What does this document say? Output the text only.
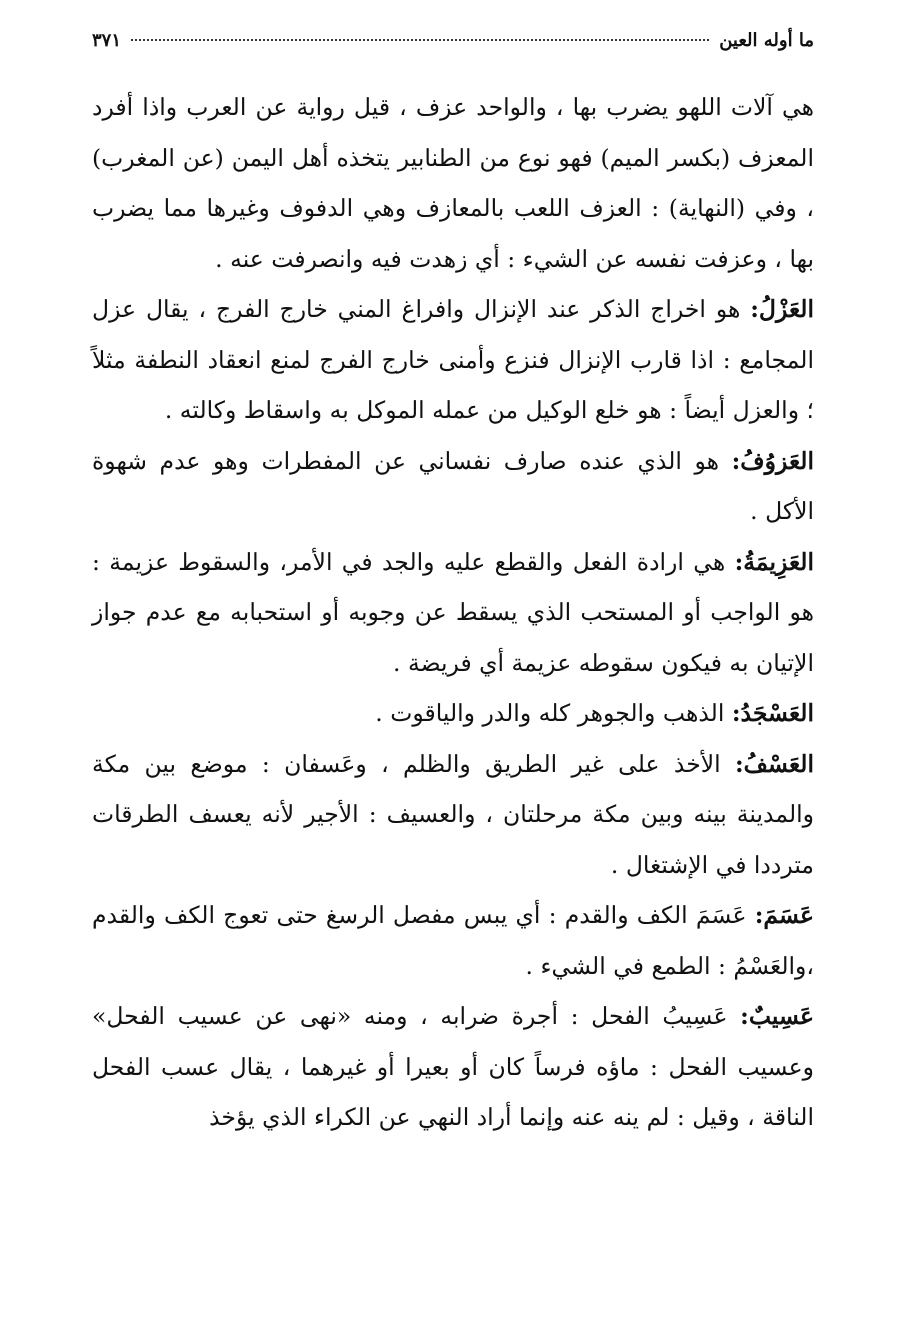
ما أوله العين
٣٧١

هي آلات اللهو يضرب بها ، والواحد عزف ، قيل رواية عن العرب واذا أفرد المعزف (بكسر الميم) فهو نوع من الطنابير يتخذه أهل اليمن (عن المغرب) ، وفي (النهاية) : العزف اللعب بالمعازف وهي الدفوف وغيرها مما يضرب بها ، وعزفت نفسه عن الشيء : أي زهدت فيه وانصرفت عنه .

العَزْلُ: هو اخراج الذكر عند الإنزال وافراغ المني خارج الفرج ، يقال عزل المجامع : اذا قارب الإنزال فنزع وأمنى خارج الفرج لمنع انعقاد النطفة مثلاً ؛ والعزل أيضاً : هو خلع الوكيل من عمله الموكل به واسقاط وكالته .

العَزوُفُ: هو الذي عنده صارف نفساني عن المفطرات وهو عدم شهوة الأكل .

العَزِيمَةُ: هي ارادة الفعل والقطع عليه والجد في الأمر، والسقوط عزيمة : هو الواجب أو المستحب الذي يسقط عن وجوبه أو استحبابه مع عدم جواز الإتيان به فيكون سقوطه عزيمة أي فريضة .

العَسْجَدُ: الذهب والجوهر كله والدر والياقوت .

العَسْفُ: الأخذ على غير الطريق والظلم ، وعَسفان : موضع بين مكة والمدينة بينه وبين مكة مرحلتان ، والعسيف : الأجير لأنه يعسف الطرقات مترددا في الإشتغال .

عَسَمَ: عَسَمَ الكف والقدم : أي يبس مفصل الرسغ حتى تعوج الكف والقدم ،والعَسْمُ : الطمع في الشيء .

عَسِيبٌ: عَسِيبُ الفحل : أجرة ضرابه ، ومنه «نهى عن عسيب الفحل» وعسيب الفحل : ماؤه فرساً كان أو بعيرا أو غيرهما ، يقال عسب الفحل الناقة ، وقيل : لم ينه عنه وإنما أراد النهي عن الكراء الذي يؤخذ
